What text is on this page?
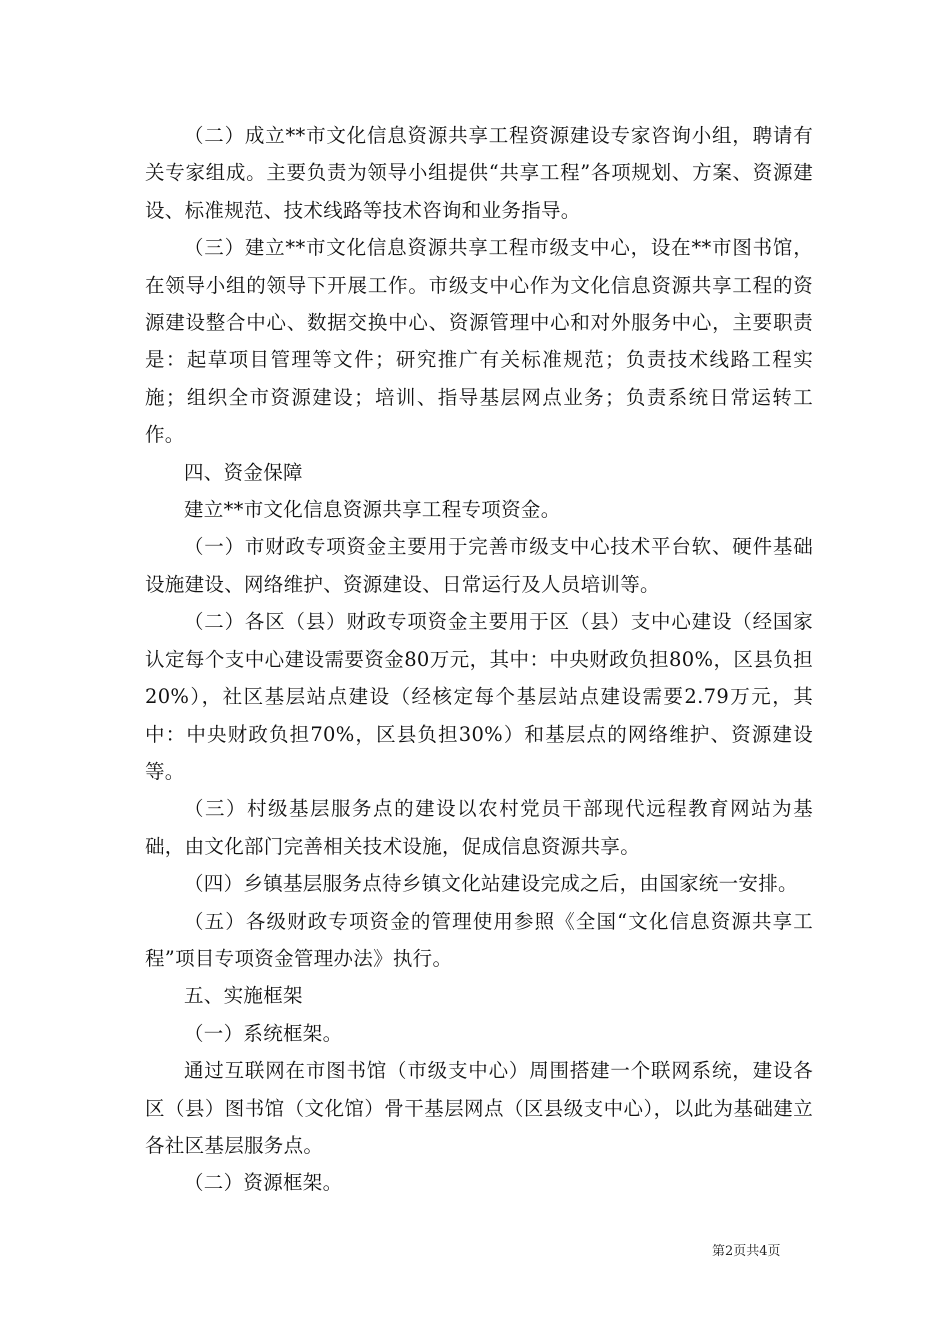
（二）成立**市文化信息资源共享工程资源建设专家咨询小组，聘请有关专家组成。主要负责为领导小组提供“共享工程”各项规划、方案、资源建设、标准规范、技术线路等技术咨询和业务指导。

（三）建立**市文化信息资源共享工程市级支中心，设在**市图书馆，在领导小组的领导下开展工作。市级支中心作为文化信息资源共享工程的资源建设整合中心、数据交换中心、资源管理中心和对外服务中心，主要职责是：起草项目管理等文件；研究推广有关标准规范；负责技术线路工程实施；组织全市资源建设；培训、指导基层网点业务；负责系统日常运转工作。

四、资金保障

建立**市文化信息资源共享工程专项资金。

（一）市财政专项资金主要用于完善市级支中心技术平台软、硬件基础设施建设、网络维护、资源建设、日常运行及人员培训等。

（二）各区（县）财政专项资金主要用于区（县）支中心建设（经国家认定每个支中心建设需要资金80万元，其中：中央财政负担80%，区县负担20%），社区基层站点建设（经核定每个基层站点建设需要2.79万元，其中：中央财政负担70%，区县负担30%）和基层点的网络维护、资源建设等。

（三）村级基层服务点的建设以农村党员干部现代远程教育网站为基础，由文化部门完善相关技术设施，促成信息资源共享。

（四）乡镇基层服务点待乡镇文化站建设完成之后，由国家统一安排。

（五）各级财政专项资金的管理使用参照《全国“文化信息资源共享工程”项目专项资金管理办法》执行。

五、实施框架

（一）系统框架。

通过互联网在市图书馆（市级支中心）周围搭建一个联网系统，建设各区（县）图书馆（文化馆）骨干基层网点（区县级支中心），以此为基础建立各社区基层服务点。

（二）资源框架。

第2页共4页
